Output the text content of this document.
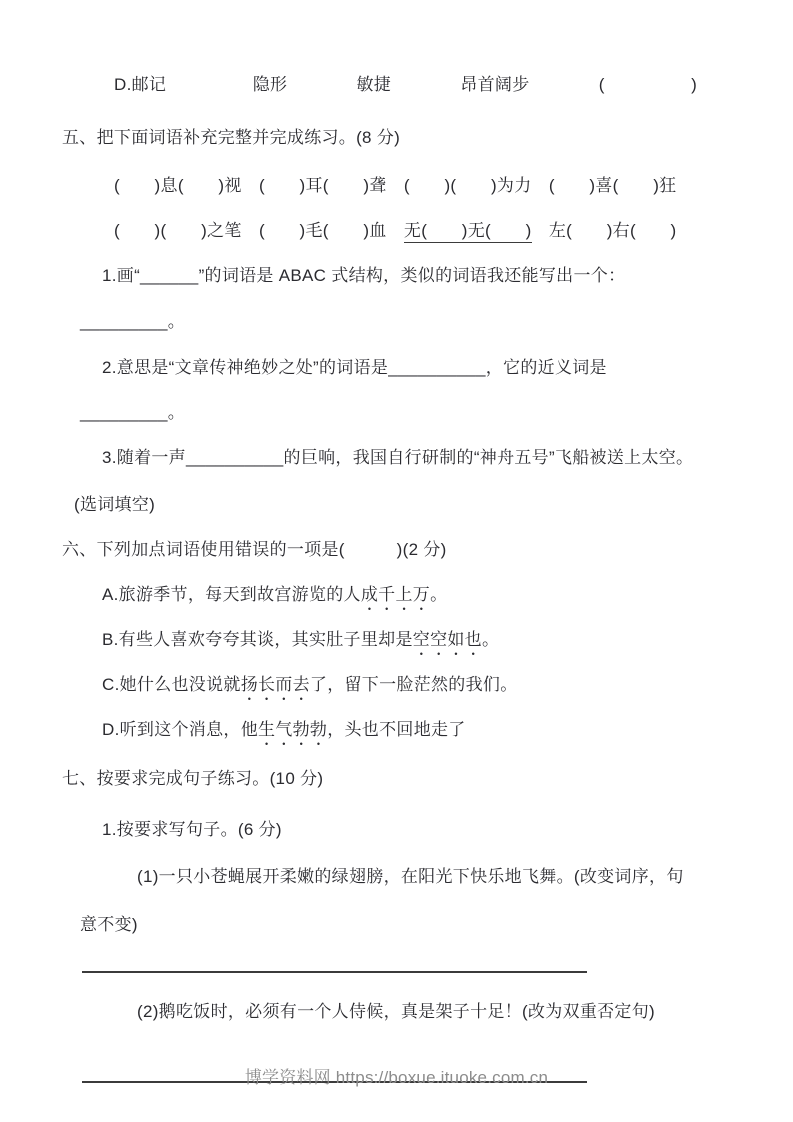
D.邮记　　　　　隐形　　　　敏捷　　　　昂首阔步　　　　(　　　　　)
五、把下面词语补充完整并完成练习。(8 分)
(　　)息(　　)视　(　　)耳(　　)聋　(　　)(　　)为力　(　　)喜(　　)狂
(　　)(　　)之笔　(　　)毛(　　)血　无(　　)无(　　)　左(　　)右(　　)
1.画“______”的词语是 ABAC 式结构，类似的词语我还能写出一个：
_________。
2.意思是“文章传神绝妙之处”的词语是__________，它的近义词是
_________。
3.随着一声__________的巨响，我国自行研制的“神舟五号”飞船被送上太空。
(选词填空)
六、下列加点词语使用错误的一项是(　　　)(2 分)
A.旅游季节，每天到故宫游览的人成千上万。
B.有些人喜欢夸夸其谈，其实肚子里却是空空如也。
C.她什么也没说就扬长而去了，留下一脸茫然的我们。
D.听到这个消息，他生气勃勃，头也不回地走了
七、按要求完成句子练习。(10 分)
1.按要求写句子。(6 分)
(1)一只小苍蝇展开柔嫩的绿翅膀，在阳光下快乐地飞舞。(改变词序，句
意不变)
(2)鹅吃饭时，必须有一个人侍候，真是架子十足！(改为双重否定句)
博学资料网 https://boxue.ituoke.com.cn
